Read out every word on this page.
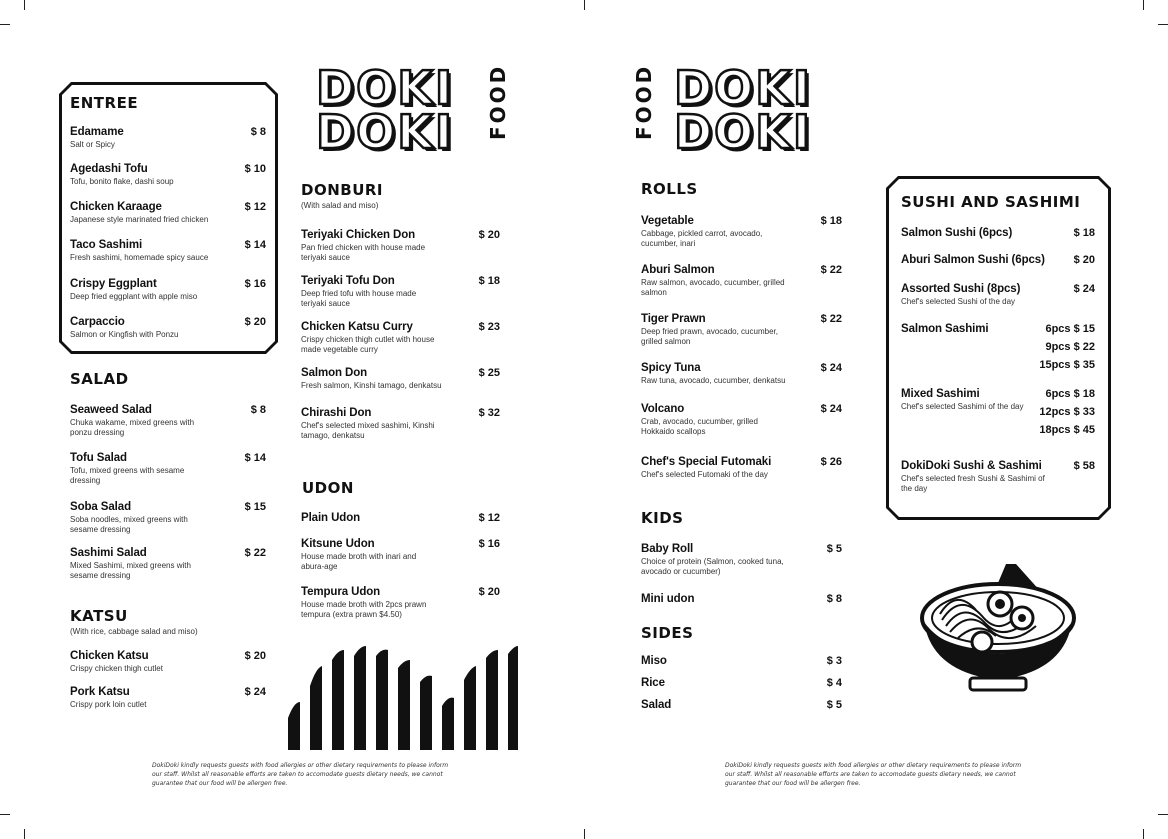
ENTREE
Edamame
Salt or Spicy
$ 8
Agedashi Tofu
Tofu, bonito flake, dashi soup
$ 10
Chicken Karaage
Japanese style marinated fried chicken
$ 12
Taco Sashimi
Fresh sashimi, homemade spicy sauce
$ 14
Crispy Eggplant
Deep fried eggplant with apple miso
$ 16
Carpaccio
Salmon or Kingfish with Ponzu
$ 20
SALAD
Seaweed Salad
Chuka wakame, mixed greens with ponzu dressing
$ 8
Tofu Salad
Tofu, mixed greens with sesame dressing
$ 14
Soba Salad
Soba noodles, mixed greens with sesame dressing
$ 15
Sashimi Salad
Mixed Sashimi, mixed greens with sesame dressing
$ 22
KATSU
(With rice, cabbage salad and miso)
Chicken Katsu
Crispy chicken thigh cutlet
$ 20
Pork Katsu
Crispy pork loin cutlet
$ 24
DOKI
DOKI FOOD
DONBURI
(With salad and miso)
Teriyaki Chicken Don
Pan fried chicken with house made teriyaki sauce
$ 20
Teriyaki Tofu Don
Deep fried tofu with house made teriyaki sauce
$ 18
Chicken Katsu Curry
Crispy chicken thigh cutlet with house made vegetable curry
$ 23
Salmon Don
Fresh salmon, Kinshi tamago, denkatsu
$ 25
Chirashi Don
Chef's selected mixed sashimi, Kinshi tamago, denkatsu
$ 32
UDON
Plain Udon	$ 12
Kitsune Udon
House made broth with inari and abura-age
$ 16
Tempura Udon
House made broth with 2pcs prawn tempura (extra prawn $4.50)
$ 20
DokiDoki kindly requests guests with food allergies or other dietary requirements to please inform our staff. Whilst all reasonable efforts are taken to accomodate guests dietary needs, we cannot guarantee that our food will be allergen free.
FOOD DOKI
DOKI
ROLLS
Vegetable
Cabbage, pickled carrot, avocado, cucumber, inari
$ 18
Aburi Salmon
Raw salmon, avocado, cucumber, grilled salmon
$ 22
Tiger Prawn
Deep fried prawn, avocado, cucumber, grilled salmon
$ 22
Spicy Tuna
Raw tuna, avocado, cucumber, denkatsu
$ 24
Volcano
Crab, avocado, cucumber, grilled Hokkaido scallops
$ 24
Chef's Special Futomaki
Chef's selected Futomaki of the day
$ 26
KIDS
Baby Roll
Choice of protein (Salmon, cooked tuna, avocado or cucumber)
$ 5
Mini udon	$ 8
SIDES
Miso	$ 3
Rice	$ 4
Salad	$ 5
SUSHI AND SASHIMI
Salmon Sushi (6pcs)	$ 18
Aburi Salmon Sushi (6pcs)	$ 20
Assorted Sushi (8pcs)
Chef's selected Sushi of the day
$ 24
Salmon Sashimi	6pcs $ 15
9pcs $ 22
15pcs $ 35
Mixed Sashimi
Chef's selected Sashimi of the day
6pcs $ 18
12pcs $ 33
18pcs $ 45
DokiDoki Sushi & Sashimi
Chef's selected fresh Sushi & Sashimi of the day
$ 58
DokiDoki kindly requests guests with food allergies or other dietary requirements to please inform our staff. Whilst all reasonable efforts are taken to accomodate guests dietary needs, we cannot guarantee that our food will be allergen free.
